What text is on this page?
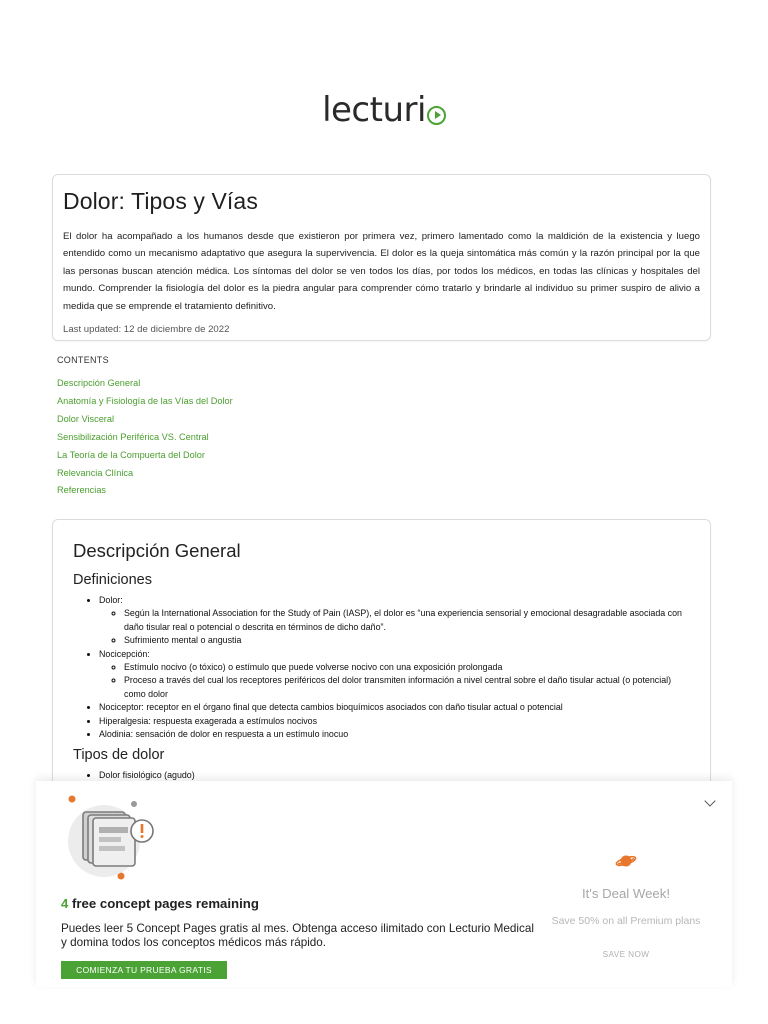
lecturi
Dolor: Tipos y Vías

El dolor ha acompañado a los humanos desde que existieron por primera vez, primero lamentado como la maldición de la existencia y luego entendido como un mecanismo adaptativo que asegura la supervivencia. El dolor es la queja sintomática más común y la razón principal por la que las personas buscan atención médica. Los síntomas del dolor se ven todos los días, por todos los médicos, en todas las clínicas y hospitales del mundo. Comprender la fisiología del dolor es la piedra angular para comprender cómo tratarlo y brindarle al individuo su primer suspiro de alivio a medida que se emprende el tratamiento definitivo.

Last updated: 12 de diciembre de 2022

CONTENTS
Descripción General
Anatomía y Fisiología de las Vías del Dolor
Dolor Visceral
Sensibilización Periférica VS. Central
La Teoría de la Compuerta del Dolor
Relevancia Clínica
Referencias
Descripción General
Definiciones
• Dolor:
◦ Según la International Association for the Study of Pain (IASP), el dolor es “una experiencia sensorial y emocional desagradable asociada con daño tisular real o potencial o descrita en términos de dicho daño”.
◦ Sufrimiento mental o angustia
• Nocicepción:
◦ Estímulo nocivo (o tóxico) o estímulo que puede volverse nocivo con una exposición prolongada
◦ Proceso a través del cual los receptores periféricos del dolor transmiten información a nivel central sobre el daño tisular actual (o potencial) como dolor
• Nociceptor: receptor en el órgano final que detecta cambios bioquímicos asociados con daño tisular actual o potencial
• Hiperalgesia: respuesta exagerada a estímulos nocivos
• Alodinia: sensación de dolor en respuesta a un estímulo inocuo
Tipos de dolor
• Dolor fisiológico (agudo)
4 free concept pages remaining

Puedes leer 5 Concept Pages gratis al mes. Obtenga acceso ilimitado con Lecturio Medical y domina todos los conceptos médicos más rápido.

COMIENZA TU PRUEBA GRATIS
It's Deal Week!
Save 50% on all Premium plans
SAVE NOW
